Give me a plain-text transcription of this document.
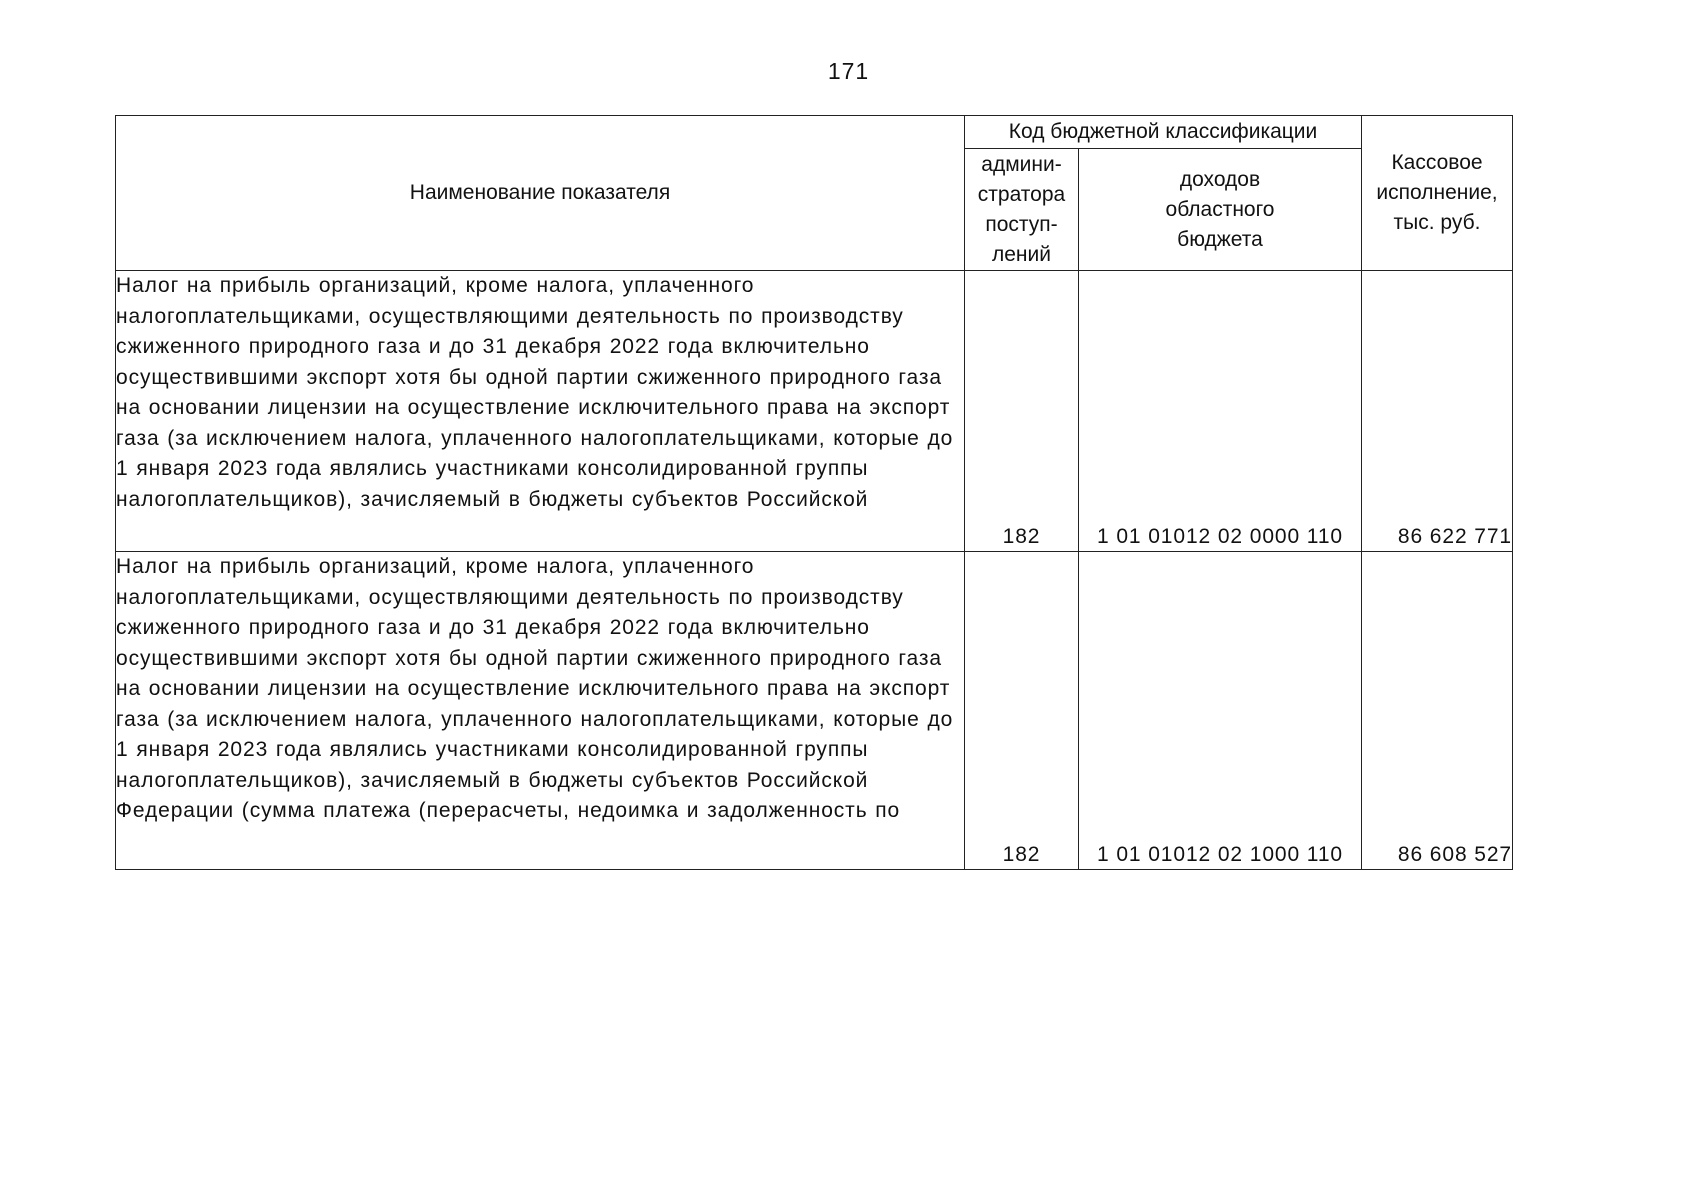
171
Наименование показателя	Код бюджетной классификации		Кассовое
исполнение,
тыс. руб.

	админи-
стратора
поступ-
лений	доходов
областного
бюджета	

Налог на прибыль организаций, кроме налога, уплаченного налогоплательщиками, осуществляющими деятельность по производству сжиженного природного газа и до 31 декабря 2022 года включительно осуществившими экспорт хотя бы одной партии сжиженного природного газа на основании лицензии на осуществление исключительного права на экспорт газа (за исключением налога, уплаченного налогоплательщиками, которые до 1 января 2023 года являлись участниками консолидированной группы налогоплательщиков), зачисляемый в бюджеты субъектов Российской	182	1 01 01012 02 0000 110	86 622 771

Налог на прибыль организаций, кроме налога, уплаченного налогоплательщиками, осуществляющими деятельность по производству сжиженного природного газа и до 31 декабря 2022 года включительно осуществившими экспорт хотя бы одной партии сжиженного природного газа на основании лицензии на осуществление исключительного права на экспорт газа (за исключением налога, уплаченного налогоплательщиками, которые до 1 января 2023 года являлись участниками консолидированной группы налогоплательщиков), зачисляемый в бюджеты субъектов Российской Федерации (сумма платежа (перерасчеты, недоимка и задолженность по	182	1 01 01012 02 1000 110	86 608 527
